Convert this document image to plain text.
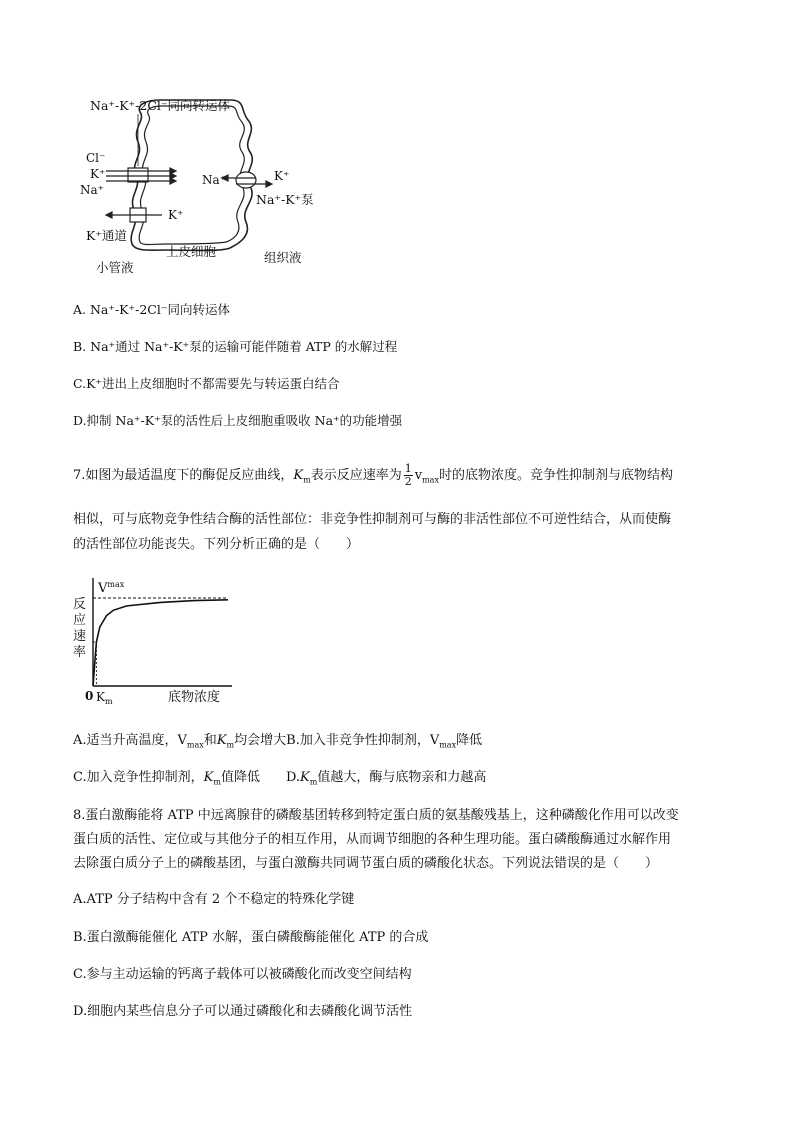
Na⁺-K⁺-2Cl⁻同向转运体
Cl⁻
K⁺
Na⁺
K⁺
K⁺通道
Na⁺	K⁺
Na⁺-K⁺泵
上皮细胞
小管液
组织液
A. Na⁺-K⁺-2Cl⁻同向转运体
B. Na⁺通过 Na⁺-K⁺泵的运输可能伴随着 ATP 的水解过程
C.K⁺进出上皮细胞时不都需要先与转运蛋白结合
D.抑制 Na⁺-K⁺泵的活性后上皮细胞重吸收 Na⁺的功能增强
7.如图为最适温度下的酶促反应曲线，$K_m$表示反应速率为 $\frac{1}{2} v_{max}$时的底物浓度。竞争性抑制剂与底物结构
相似，可与底物竞争性结合酶的活性部位：非竞争性抑制剂可与酶的非活性部位不可逆性结合，从而使酶
的活性部位功能丧失。下列分析正确的是（　　）
$V^{max}$
反
应
速
率
0 $K_m$	底物浓度
A.适当升高温度，$V_{max}$和$K_m$均会增大B.加入非竞争性抑制剂，$V_{max}$降低
C.加入竞争性抑制剂，$K_m$值降低 $D.K_m$值越大，酶与底物亲和力越高
8.蛋白激酶能将 ATP 中远离腺苷的磷酸基团转移到特定蛋白质的氨基酸残基上，这种磷酸化作用可以改变
蛋白质的活性、定位或与其他分子的相互作用，从而调节细胞的各种生理功能。蛋白磷酸酶通过水解作用
去除蛋白质分子上的磷酸基团，与蛋白激酶共同调节蛋白质的磷酸化状态。下列说法错误的是（　　）
A.ATP 分子结构中含有 2 个不稳定的特殊化学键
B.蛋白激酶能催化 ATP 水解，蛋白磷酸酶能催化 ATP 的合成
C.参与主动运输的钙离子载体可以被磷酸化而改变空间结构
D.细胞内某些信息分子可以通过磷酸化和去磷酸化调节活性
